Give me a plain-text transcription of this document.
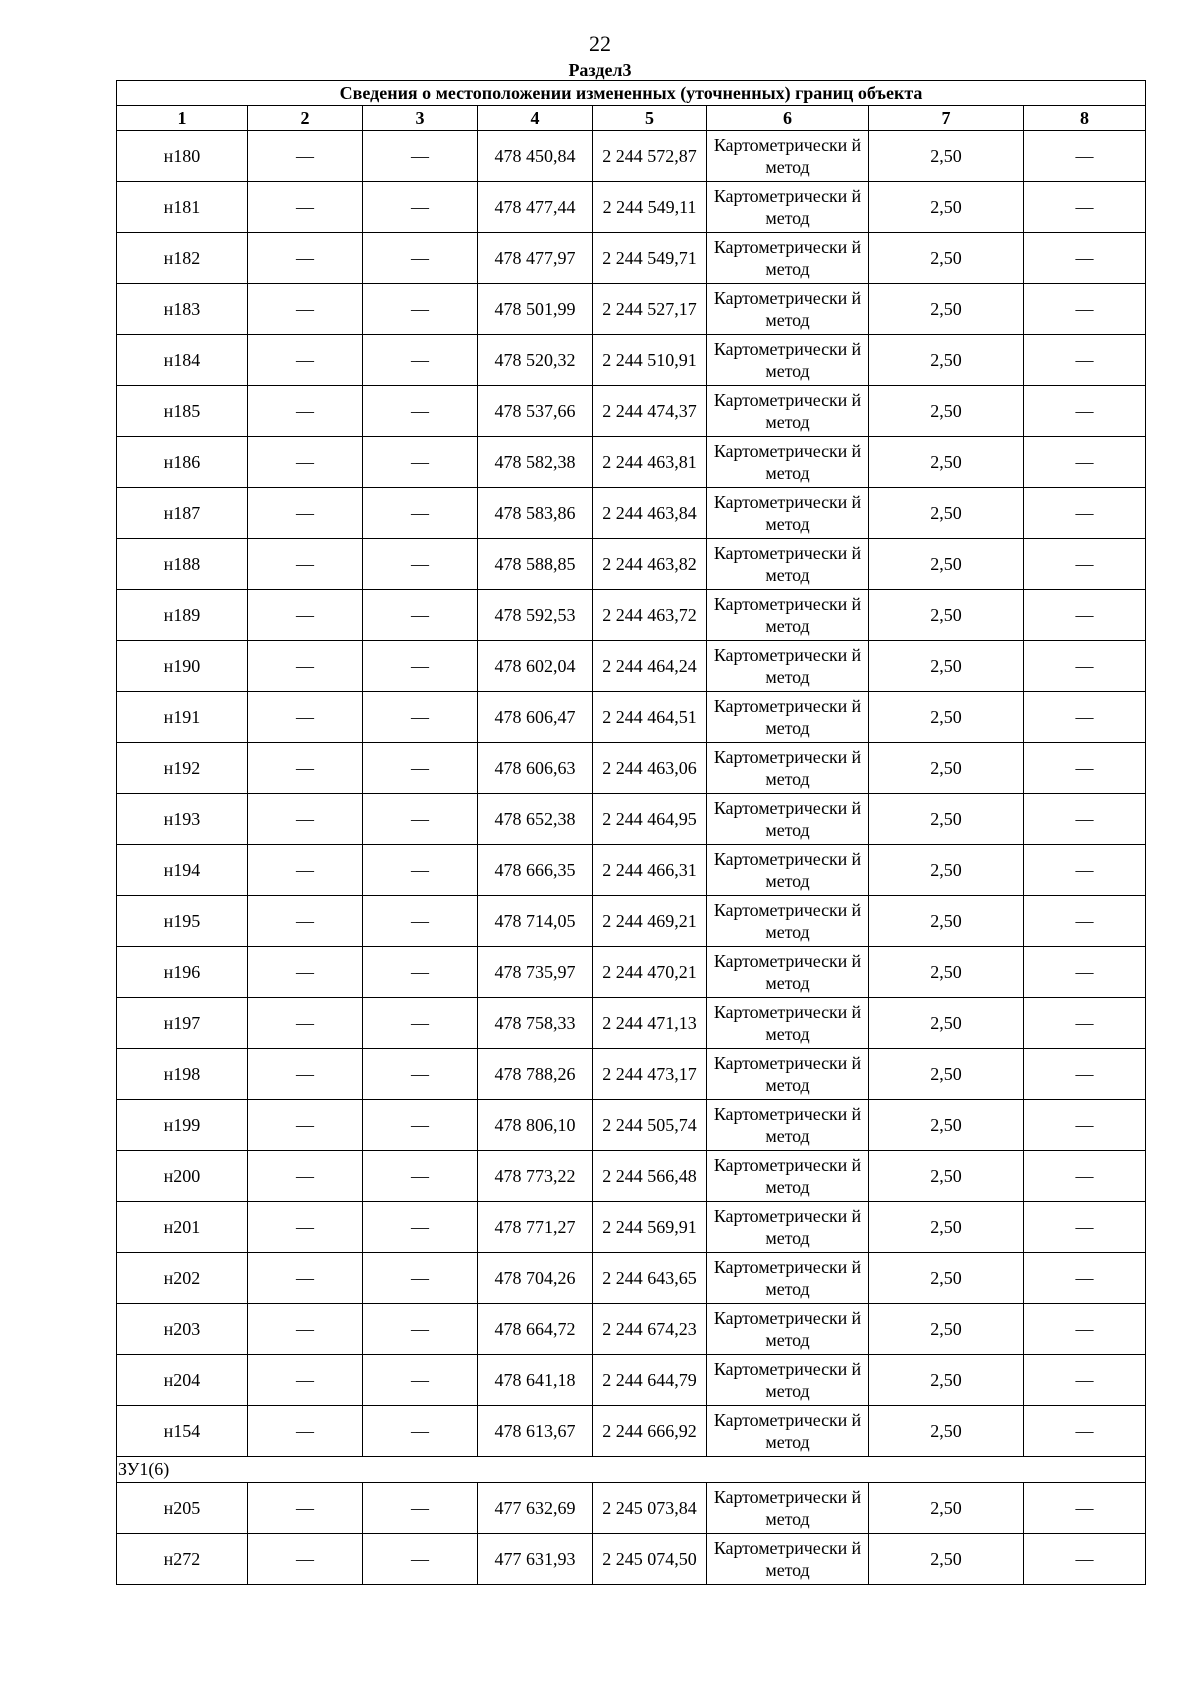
22
Раздел3
Сведения о местоположении измененных (уточненных) границ объекта							
1	2	3	4	5	6	7	8
н180	—	—	478 450,84	2 244 572,87	Картометрически й метод	2,50	—
н181	—	—	478 477,44	2 244 549,11	Картометрически й метод	2,50	—
н182	—	—	478 477,97	2 244 549,71	Картометрически й метод	2,50	—
н183	—	—	478 501,99	2 244 527,17	Картометрически й метод	2,50	—
н184	—	—	478 520,32	2 244 510,91	Картометрически й метод	2,50	—
н185	—	—	478 537,66	2 244 474,37	Картометрически й метод	2,50	—
н186	—	—	478 582,38	2 244 463,81	Картометрически й метод	2,50	—
н187	—	—	478 583,86	2 244 463,84	Картометрически й метод	2,50	—
н188	—	—	478 588,85	2 244 463,82	Картометрически й метод	2,50	—
н189	—	—	478 592,53	2 244 463,72	Картометрически й метод	2,50	—
н190	—	—	478 602,04	2 244 464,24	Картометрически й метод	2,50	—
н191	—	—	478 606,47	2 244 464,51	Картометрически й метод	2,50	—
н192	—	—	478 606,63	2 244 463,06	Картометрически й метод	2,50	—
н193	—	—	478 652,38	2 244 464,95	Картометрически й метод	2,50	—
н194	—	—	478 666,35	2 244 466,31	Картометрически й метод	2,50	—
н195	—	—	478 714,05	2 244 469,21	Картометрически й метод	2,50	—
н196	—	—	478 735,97	2 244 470,21	Картометрически й метод	2,50	—
н197	—	—	478 758,33	2 244 471,13	Картометрически й метод	2,50	—
н198	—	—	478 788,26	2 244 473,17	Картометрически й метод	2,50	—
н199	—	—	478 806,10	2 244 505,74	Картометрически й метод	2,50	—
н200	—	—	478 773,22	2 244 566,48	Картометрически й метод	2,50	—
н201	—	—	478 771,27	2 244 569,91	Картометрически й метод	2,50	—
н202	—	—	478 704,26	2 244 643,65	Картометрически й метод	2,50	—
н203	—	—	478 664,72	2 244 674,23	Картометрически й метод	2,50	—
н204	—	—	478 641,18	2 244 644,79	Картометрически й метод	2,50	—
н154	—	—	478 613,67	2 244 666,92	Картометрически й метод	2,50	—
ЗУ1(6)							
н205	—	—	477 632,69	2 245 073,84	Картометрически й метод	2,50	—
н272	—	—	477 631,93	2 245 074,50	Картометрически й метод	2,50	—
